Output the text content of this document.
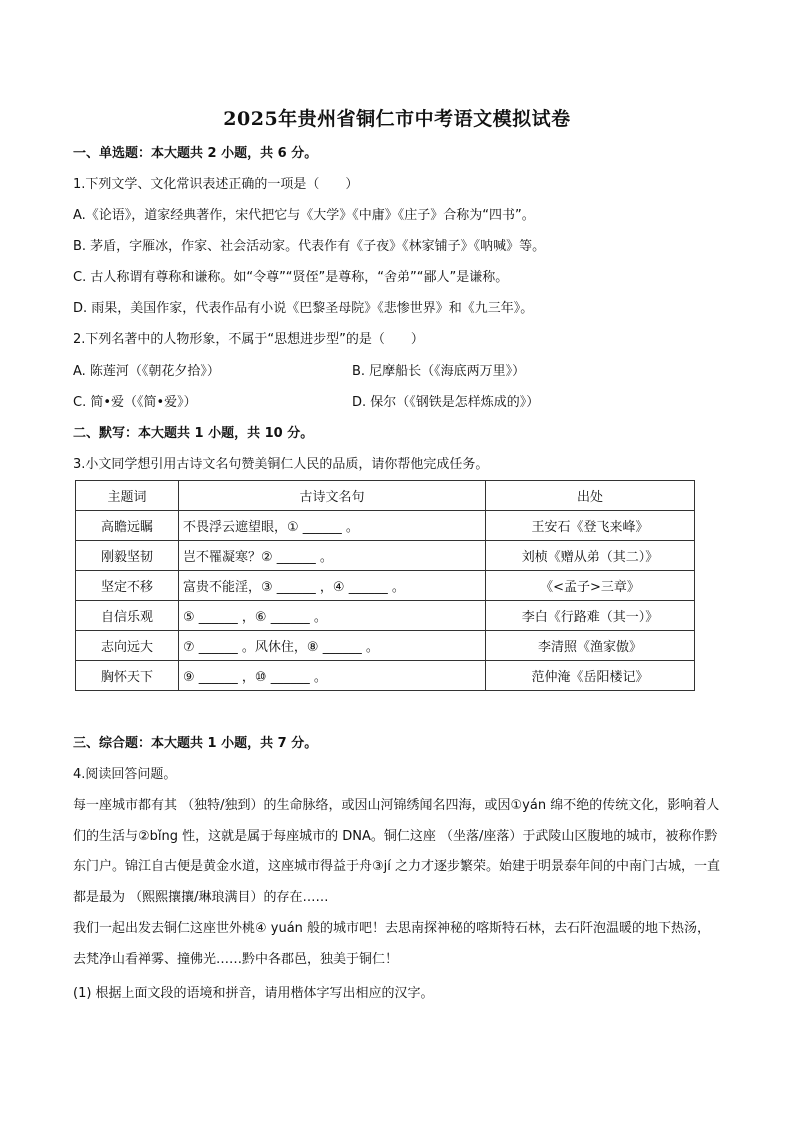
2025年贵州省铜仁市中考语文模拟试卷
一、单选题：本大题共 2 小题，共 6 分。
1.下列文学、文化常识表述正确的一项是（　　）
A.《论语》，道家经典著作，宋代把它与《大学》《中庸》《庄子》合称为“四书”。
B. 茅盾，字雁冰，作家、社会活动家。代表作有《子夜》《林家铺子》《呐喊》等。
C. 古人称谓有尊称和谦称。如“令尊”“贤侄”是尊称，“舍弟”“鄙人”是谦称。
D. 雨果，美国作家，代表作品有小说《巴黎圣母院》《悲惨世界》和《九三年》。
2.下列名著中的人物形象，不属于“思想进步型”的是（　　）
A. 陈莲河（《朝花夕拾》）	B. 尼摩船长（《海底两万里》）
C. 简•爱（《简•爱》）	D. 保尔（《钢铁是怎样炼成的》）
二、默写：本大题共 1 小题，共 10 分。
3.小文同学想引用古诗文名句赞美铜仁人民的品质，请你帮他完成任务。
主题词	古诗文名句	出处
高瞻远瞩	不畏浮云遮望眼，① ______ 。	王安石《登飞来峰》
刚毅坚韧	岂不罹凝寒？② ______ 。	刘桢《赠从弟（其二）》
坚定不移	富贵不能淫，③ ______ ，④ ______ 。	《<孟子>三章》
自信乐观	⑤ ______ ，⑥ ______ 。	李白《行路难（其一）》
志向远大	⑦ ______ 。风休住，⑧ ______ 。	李清照《渔家傲》
胸怀天下	⑨ ______ ，⑩ ______ 。	范仲淹《岳阳楼记》
三、综合题：本大题共 1 小题，共 7 分。
4.阅读回答问题。
每一座城市都有其 （独特/独到）的生命脉络，或因山河锦绣闻名四海，或因①yán 绵不绝的传统文化，影响着人们的生活与②bǐng 性，这就是属于每座城市的 DNA。铜仁这座 （坐落/座落）于武陵山区腹地的城市，被称作黔东门户。锦江自古便是黄金水道，这座城市得益于舟③jí 之力才逐步繁荣。始建于明景泰年间的中南门古城，一直都是最为 （熙熙攘攘/琳琅满目）的存在……
我们一起出发去铜仁这座世外桃④ yuán 般的城市吧！去思南探神秘的喀斯特石林，去石阡泡温暖的地下热汤，去梵净山看禅雾、撞佛光……黔中各郡邑，独美于铜仁！
(1) 根据上面文段的语境和拼音，请用楷体字写出相应的汉字。
